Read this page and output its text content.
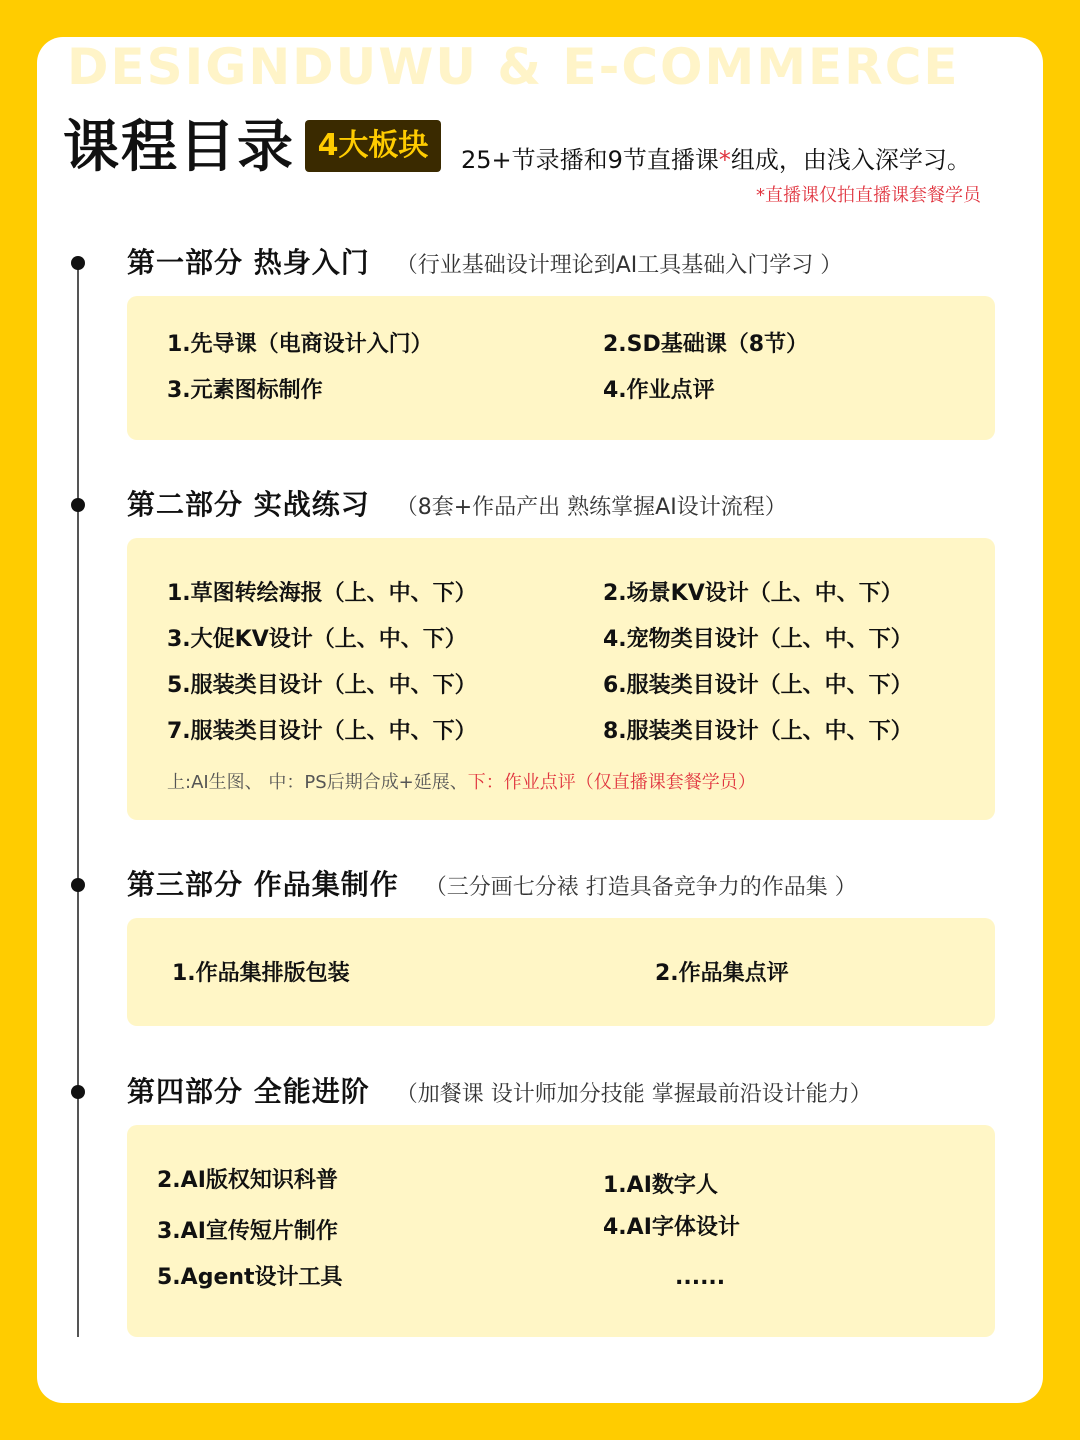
DESIGNDUWU & E-COMMERCE
课程目录 4大板块	25+节录播和9节直播课*组成，由浅入深学习。
*直播课仅拍直播课套餐学员
第一部分 热身入门 （行业基础设计理论到AI工具基础入门学习 ）
1.先导课（电商设计入门）	2.SD基础课（8节）
3.元素图标制作	4.作业点评
第二部分 实战练习 （8套+作品产出 熟练掌握AI设计流程）
1.草图转绘海报（上、中、下）	2.场景KV设计（上、中、下）
3.大促KV设计（上、中、下）	4.宠物类目设计（上、中、下）
5.服装类目设计（上、中、下）	6.服装类目设计（上、中、下）
7.服装类目设计（上、中、下）	8.服装类目设计（上、中、下）
上:AI生图、 中：PS后期合成+延展、下：作业点评（仅直播课套餐学员）
第三部分 作品集制作 （三分画七分裱 打造具备竞争力的作品集 ）
1.作品集排版包装	2.作品集点评
第四部分 全能进阶 （加餐课 设计师加分技能 掌握最前沿设计能力）
2.AI版权知识科普	1.AI数字人
3.AI宣传短片制作	4.AI字体设计
5.Agent设计工具	......
